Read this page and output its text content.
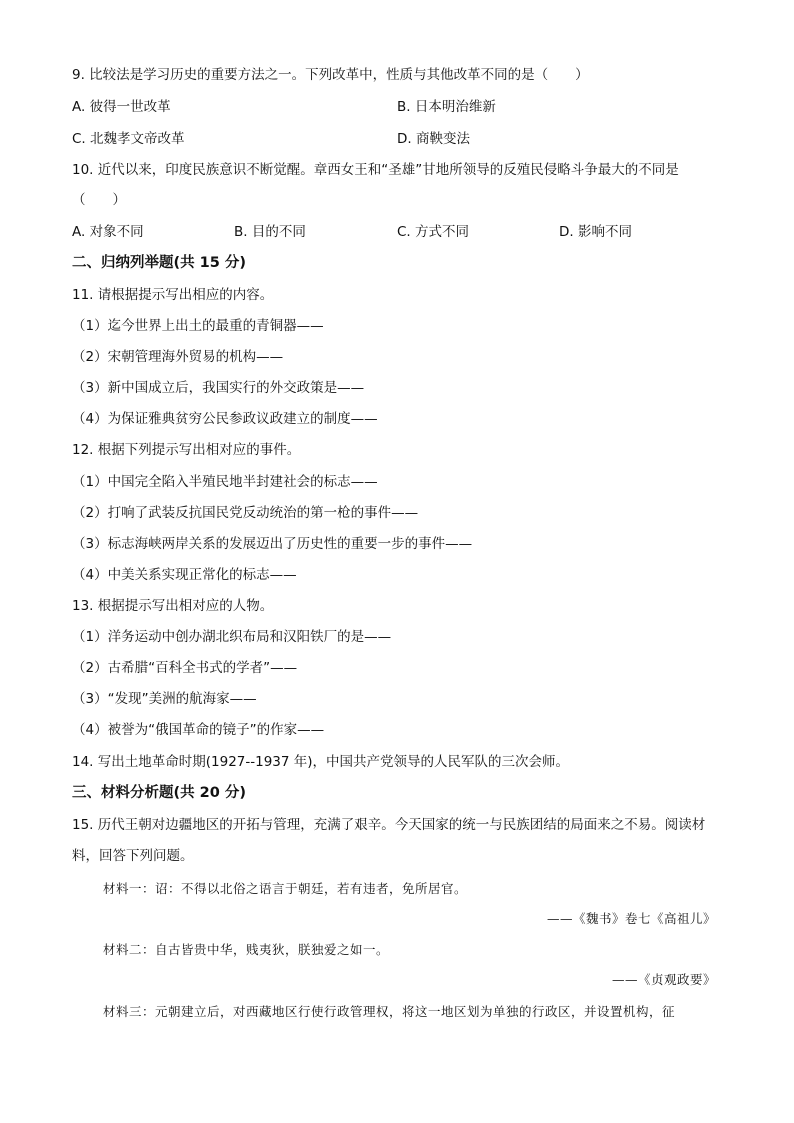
9. 比较法是学习历史的重要方法之一。下列改革中，性质与其他改革不同的是（　　）
A. 彼得一世改革	B. 日本明治维新
C. 北魏孝文帝改革	D. 商鞅变法
10. 近代以来，印度民族意识不断觉醒。章西女王和“圣雄”甘地所领导的反殖民侵略斗争最大的不同是
（　　）
A. 对象不同	B. 目的不同	C. 方式不同	D. 影响不同
二、归纳列举题(共 15 分)
11. 请根据提示写出相应的内容。
（1）迄今世界上出土的最重的青铜器——
（2）宋朝管理海外贸易的机构——
（3）新中国成立后，我国实行的外交政策是——
（4）为保证雅典贫穷公民参政议政建立的制度——
12. 根据下列提示写出相对应的事件。
（1）中国完全陷入半殖民地半封建社会的标志——
（2）打响了武装反抗国民党反动统治的第一枪的事件——
（3）标志海峡两岸关系的发展迈出了历史性的重要一步的事件——
（4）中美关系实现正常化的标志——
13. 根据提示写出相对应的人物。
（1）洋务运动中创办湖北织布局和汉阳铁厂的是——
（2）古希腊“百科全书式的学者”——
（3）“发现”美洲的航海家——
（4）被誉为“俄国革命的镜子”的作家——
14. 写出土地革命时期(1927--1937 年)，中国共产党领导的人民军队的三次会师。
三、材料分析题(共 20 分)
15. 历代王朝对边疆地区的开拓与管理，充满了艰辛。今天国家的统一与民族团结的局面来之不易。阅读材
料，回答下列问题。
材料一：诏：不得以北俗之语言于朝廷，若有违者，免所居官。
——《魏书》卷七《高祖儿》
材料二：自古皆贵中华，贱夷狄，朕独爱之如一。
——《贞观政要》
材料三：元朝建立后，对西藏地区行使行政管理权，将这一地区划为单独的行政区，并设置机构，征
